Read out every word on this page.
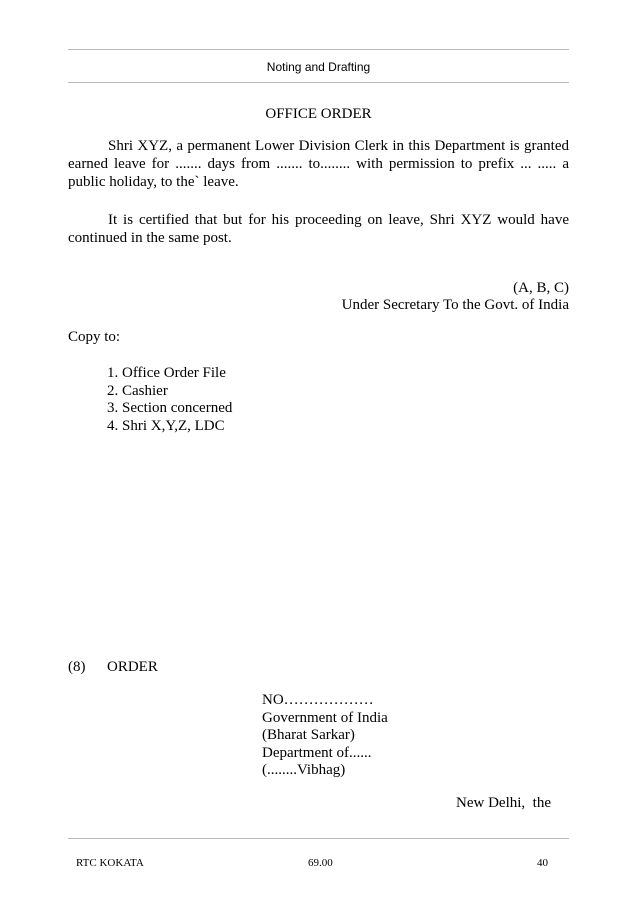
Noting and Drafting
OFFICE ORDER

Shri XYZ, a permanent Lower Division Clerk in this Department is granted earned leave for ....... days from ....... to........ with permission to prefix ... ..... a public holiday, to the` leave.

It is certified that but for his proceeding on leave, Shri XYZ would have continued in the same post.

(A, B, C)
Under Secretary To the Govt. of India
Copy to:
1. Office Order File
2. Cashier
3. Section concerned
4. Shri X,Y,Z, LDC
(8) ORDER
NO………………
Government of India
(Bharat Sarkar)
Department of......
(........Vibhag)
New Delhi,  the
RTC KOKATA	69.00	40
